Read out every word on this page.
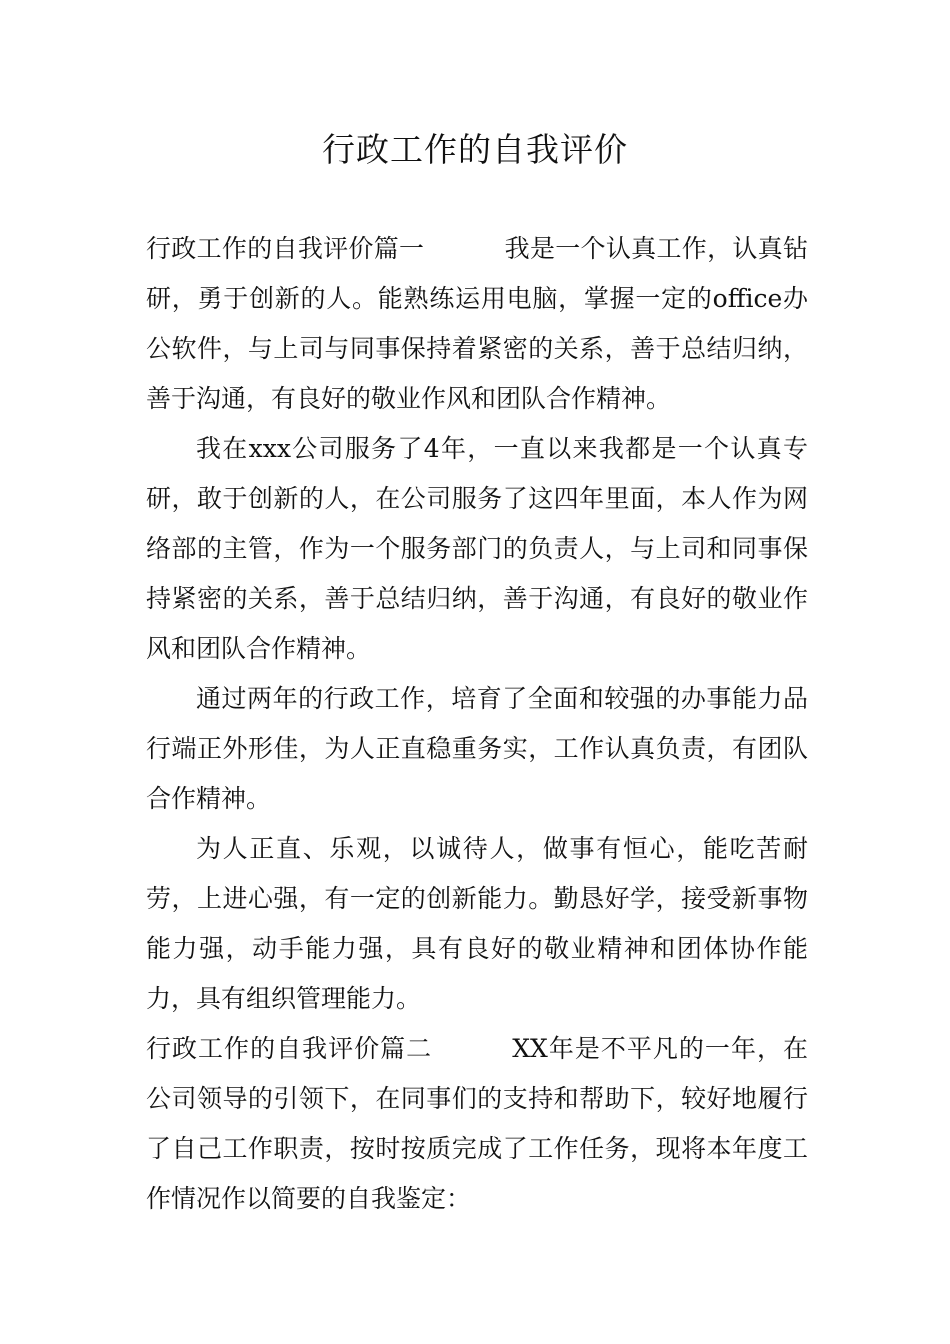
行政工作的自我评价

行政工作的自我评价篇一	我是一个认真工作，认真钻研，勇于创新的人。能熟练运用电脑，掌握一定的office办公软件，与上司与同事保持着紧密的关系，善于总结归纳，善于沟通，有良好的敬业作风和团队合作精神。

我在xxx公司服务了4年，一直以来我都是一个认真专研，敢于创新的人，在公司服务了这四年里面，本人作为网络部的主管，作为一个服务部门的负责人，与上司和同事保持紧密的关系，善于总结归纳，善于沟通，有良好的敬业作风和团队合作精神。

通过两年的行政工作，培育了全面和较强的办事能力品行端正外形佳，为人正直稳重务实，工作认真负责，有团队合作精神。

为人正直、乐观，以诚待人，做事有恒心，能吃苦耐劳，上进心强，有一定的创新能力。勤恳好学，接受新事物能力强，动手能力强，具有良好的敬业精神和团体协作能力，具有组织管理能力。

行政工作的自我评价篇二	XX年是不平凡的一年，在公司领导的引领下，在同事们的支持和帮助下，较好地履行了自己工作职责，按时按质完成了工作任务，现将本年度工作情况作以简要的自我鉴定：
